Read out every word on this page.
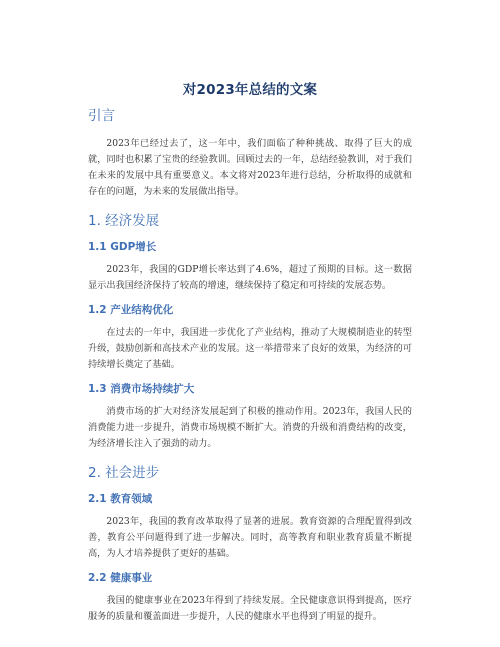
对2023年总结的文案
引言

2023年已经过去了，这一年中，我们面临了种种挑战、取得了巨大的成就，同时也积累了宝贵的经验教训。回顾过去的一年，总结经验教训，对于我们在未来的发展中具有重要意义。本文将对2023年进行总结，分析取得的成就和存在的问题，为未来的发展做出指导。

1. 经济发展
1.1 GDP增长

2023年，我国的GDP增长率达到了4.6%，超过了预期的目标。这一数据显示出我国经济保持了较高的增速，继续保持了稳定和可持续的发展态势。

1.2 产业结构优化

在过去的一年中，我国进一步优化了产业结构，推动了大规模制造业的转型升级，鼓励创新和高技术产业的发展。这一举措带来了良好的效果，为经济的可持续增长奠定了基础。

1.3 消费市场持续扩大

消费市场的扩大对经济发展起到了积极的推动作用。2023年，我国人民的消费能力进一步提升，消费市场规模不断扩大。消费的升级和消费结构的改变，为经济增长注入了强劲的动力。

2. 社会进步
2.1 教育领域

2023年，我国的教育改革取得了显著的进展。教育资源的合理配置得到改善，教育公平问题得到了进一步解决。同时，高等教育和职业教育质量不断提高，为人才培养提供了更好的基础。

2.2 健康事业

我国的健康事业在2023年得到了持续发展。全民健康意识得到提高，医疗服务的质量和覆盖面进一步提升，人民的健康水平也得到了明显的提升。
